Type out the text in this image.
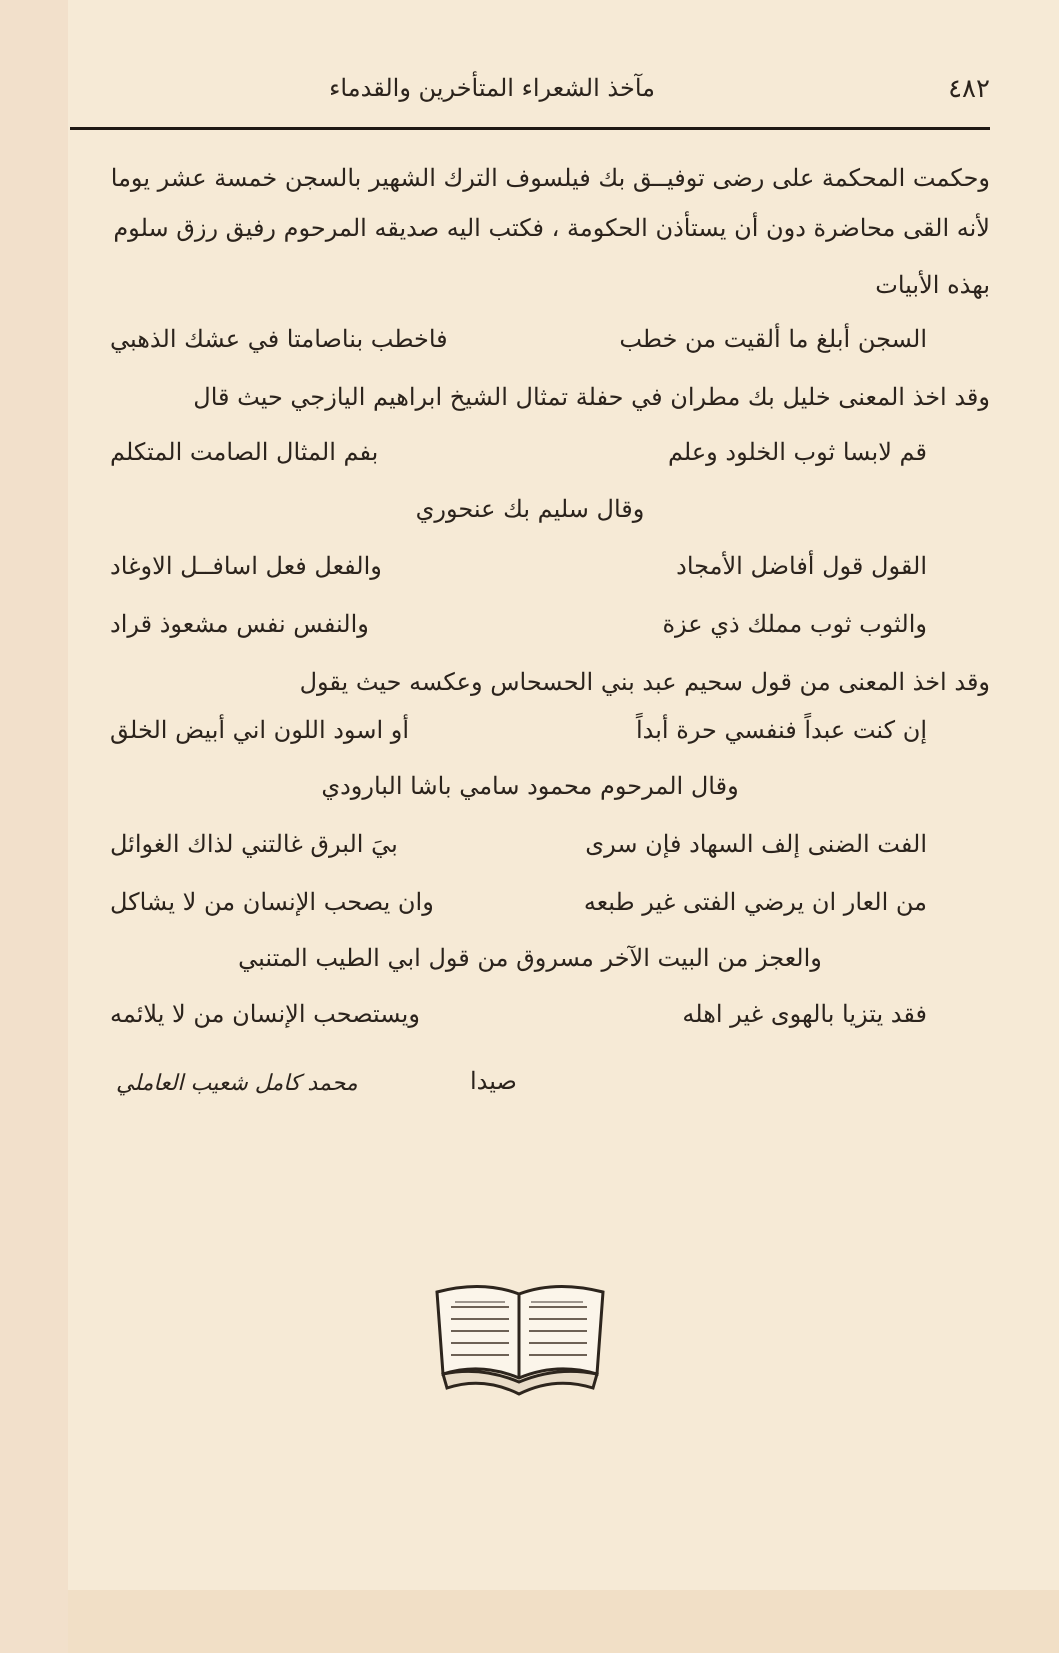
٤٨٢
مآخذ الشعراء المتأخرين والقدماء
وحكمت المحكمة على رضى توفيــق بك فيلسوف الترك الشهير بالسجن خمسة عشر يوما
لأنه القى محاضرة دون أن يستأذن الحكومة ، فكتب اليه صديقه المرحوم رفيق رزق سلوم
بهذه الأبيات
السجن أبلغ ما ألقيت من خطب
فاخطب بناصامتا في عشك الذهبي
وقد اخذ المعنى خليل بك مطران في حفلة تمثال الشيخ ابراهيم اليازجي حيث قال
قم لابسا ثوب الخلود وعلم
بفم المثال الصامت المتكلم
وقال سليم بك عنحوري
القول قول أفاضل الأمجاد
والفعل فعل اسافــل الاوغاد
والثوب ثوب مملك ذي عزة
والنفس نفس مشعوذ قراد
وقد اخذ المعنى من قول سحيم عبد بني الحسحاس وعكسه حيث يقول
إن كنت عبداً فنفسي حرة أبداً
أو اسود اللون اني أبيض الخلق
وقال المرحوم محمود سامي باشا البارودي
الفت الضنى إلف السهاد فإن سرى
بيَ البرق غالتني لذاك الغوائل
من العار ان يرضي الفتى غير طبعه
وان يصحب الإنسان من لا يشاكل
والعجز من البيت الآخر مسروق من قول ابي الطيب المتنبي
فقد يتزيا بالهوى غير اهله
ويستصحب الإنسان من لا يلائمه
صيدا
محمد كامل شعيب العاملي
